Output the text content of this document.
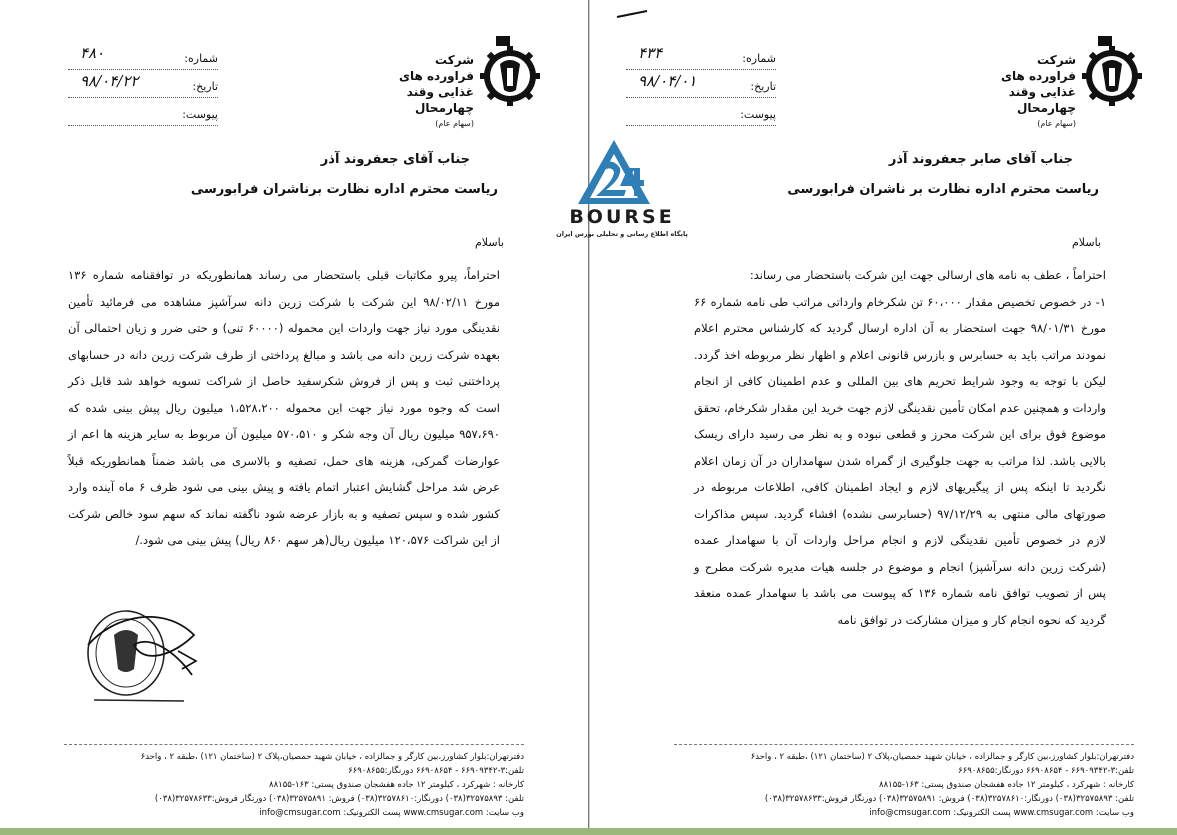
شرکت فراورده های
غذایی وقند
چهارمحال
(سهام عام)
شماره:
۴۸۰
تاریخ:
۹۸/۰۴/۲۲
پیوست:
جناب آقای جعفروند آذر
ریاست محترم اداره نظارت برناشران فرابورسی
باسلام
احتراماً، پیرو مکاتبات قبلی باستحضار می رساند همانطوریکه در توافقنامه شماره ۱۳۶ مورخ ۹۸/۰۲/۱۱ این شرکت با شرکت زرین دانه سرآشپز مشاهده می فرمائید تأمین نقدینگی مورد نیاز جهت واردات این محموله (۶۰۰۰۰ تنی) و حتی ضرر و زیان احتمالی آن بعهده شرکت زرین دانه می باشد و مبالغ پرداختی از طرف شرکت زرین دانه در حسابهای پرداختنی ثبت و پس از فروش شکرسفید حاصل از شراکت تسویه خواهد شد قابل ذکر است که وجوه مورد نیاز جهت این محموله ۱،۵۲۸،۲۰۰ میلیون ریال پیش بینی شده که ۹۵۷،۶۹۰ میلیون ریال آن وجه شکر و ۵۷۰،۵۱۰ میلیون آن مربوط به سایر هزینه ها اعم از عوارضات گمرکی، هزینه های حمل، تصفیه و بالاسری می باشد ضمناً همانطوریکه قبلاً عرض شد مراحل گشایش اعتبار اتمام یافته و پیش بینی می شود ظرف ۶ ماه آینده وارد کشور شده و سپس تصفیه و به بازار عرضه شود ناگفته نماند که سهم سود خالص شرکت از این شراکت ۱۲۰،۵۷۶ میلیون ریال(هر سهم ۸۶۰ ریال) پیش بینی می شود./
دفترتهران:بلوار کشاورز،بین کارگر و جمالزاده ، خیابان شهید حمصیان،پلاک ۲ (ساختمان ۱۲۱) ،طبقه ۲ ، واحد۶
تلفن:۳-۶۶۹۰۹۳۴۲ - ۶۶۹۰۸۶۵۴ دورنگار:۶۶۹۰۸۶۵۵
کارخانه : شهرکرد ، کیلومتر ۱۲ جاده هفشجان صندوق پستی: ۱۶۳-۸۸۱۵۵
تلفن: ۳۲۵۷۵۸۹۳(۰۳۸) دورنگار:۳۲۵۷۸۶۱۰(۰۳۸) فروش: ۳۲۵۷۵۸۹۱(۰۳۸) دورنگار فروش:۳۲۵۷۸۶۳۳(۰۳۸)
وب سایت: www.cmsugar.com پست الکترونیک: info@cmsugar.com
شرکت فراورده های
غذایی وقند
چهارمحال
(سهام عام)
شماره:
۴۳۴
تاریخ:
۹۸/۰۴/۰۱
پیوست:
جناب آقای صابر جعفروند آذر
ریاست محترم اداره نظارت بر ناشران فرابورسی
باسلام
احتراماً ، عطف به نامه های ارسالی جهت این شرکت باستحضار می رساند:
۱- در خصوص تخصیص مقدار ۶۰،۰۰۰ تن شکرخام وارداتی مراتب طی نامه شماره ۶۶ مورخ ۹۸/۰۱/۳۱ جهت استحضار به آن اداره ارسال گردید که کارشناس محترم اعلام نمودند مراتب باید به حسابرس و بازرس قانونی اعلام و اظهار نظر مربوطه اخذ گردد. لیکن با توجه به وجود شرایط تحریم های بین المللی و عدم اطمینان کافی از انجام واردات و همچنین عدم امکان تأمین نقدینگی لازم جهت خرید این مقدار شکرخام، تحقق موضوع فوق برای این شرکت محرز و قطعی نبوده و به نظر می رسید دارای ریسک بالایی باشد. لذا مراتب به جهت جلوگیری از گمراه شدن سهامداران در آن زمان اعلام نگردید تا اینکه پس از پیگیریهای لازم و ایجاد اطمینان کافی، اطلاعات مربوطه در صورتهای مالی منتهی به ۹۷/۱۲/۲۹ (حسابرسی نشده) افشاء گردید. سپس مذاکرات لازم در خصوص تأمین نقدینگی لازم و انجام مراحل واردات آن با سهامدار عمده (شرکت زرین دانه سرآشپز) انجام و موضوع در جلسه هیات مدیره شرکت مطرح و پس از تصویب توافق نامه شماره ۱۳۶ که پیوست می باشد با سهامدار عمده منعقد گردید که نحوه انجام کار و میزان مشارکت در توافق نامه
دفترتهران:بلوار کشاورز،بین کارگر و جمالزاده ، خیابان شهید حمصیان،پلاک ۲ (ساختمان ۱۲۱) ،طبقه ۲ ، واحد۶
تلفن:۳-۶۶۹۰۹۳۴۲ - ۶۶۹۰۸۶۵۴ دورنگار:۶۶۹۰۸۶۵۵
کارخانه : شهرکرد ، کیلومتر ۱۲ جاده هفشجان صندوق پستی: ۱۶۳-۸۸۱۵۵
تلفن: ۳۲۵۷۵۸۹۳(۰۳۸) دورنگار:۳۲۵۷۸۶۱۰(۰۳۸) فروش: ۳۲۵۷۵۸۹۱(۰۳۸) دورنگار فروش:۳۲۵۷۸۶۳۳(۰۳۸)
وب سایت: www.cmsugar.com پست الکترونیک: info@cmsugar.com
BOURSE
پایگاه اطلاع رسانی و تحلیلی بورس ایران
